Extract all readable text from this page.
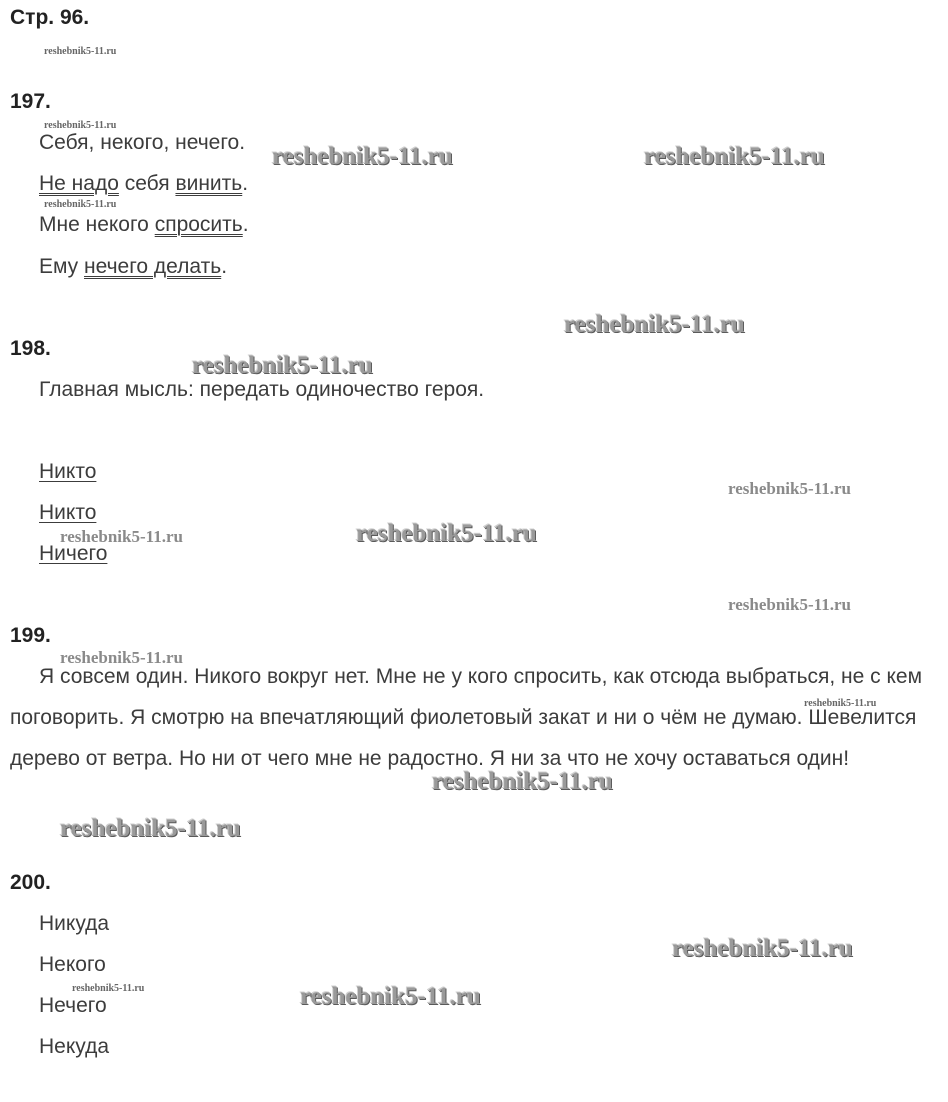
Стр. 96.
197.
Себя, некого, нечего.
Не надо себя винить.
Мне некого спросить.
Ему нечего делать.
198.
Главная мысль: передать одиночество героя.
Никто
Никто
Ничего
199.
Я совсем один. Никого вокруг нет. Мне не у кого спросить, как отсюда выбраться, не с кем поговорить. Я смотрю на впечатляющий фиолетовый закат и ни о чём не думаю. Шевелится дерево от ветра. Но ни от чего мне не радостно. Я ни за что не хочу оставаться один!
200.
Никуда
Некого
Нечего
Некуда
reshebnik5-11.ru
reshebnik5-11.ru
reshebnik5-11.ru	reshebnik5-11.ru
reshebnik5-11.ru
reshebnik5-11.ru
reshebnik5-11.ru
reshebnik5-11.ru
reshebnik5-11.ru
reshebnik5-11.ru
reshebnik5-11.ru
reshebnik5-11.ru
reshebnik5-11.ru
reshebnik5-11.ru
reshebnik5-11.ru
reshebnik5-11.ru
reshebnik5-11.ru	reshebnik5-11.ru
